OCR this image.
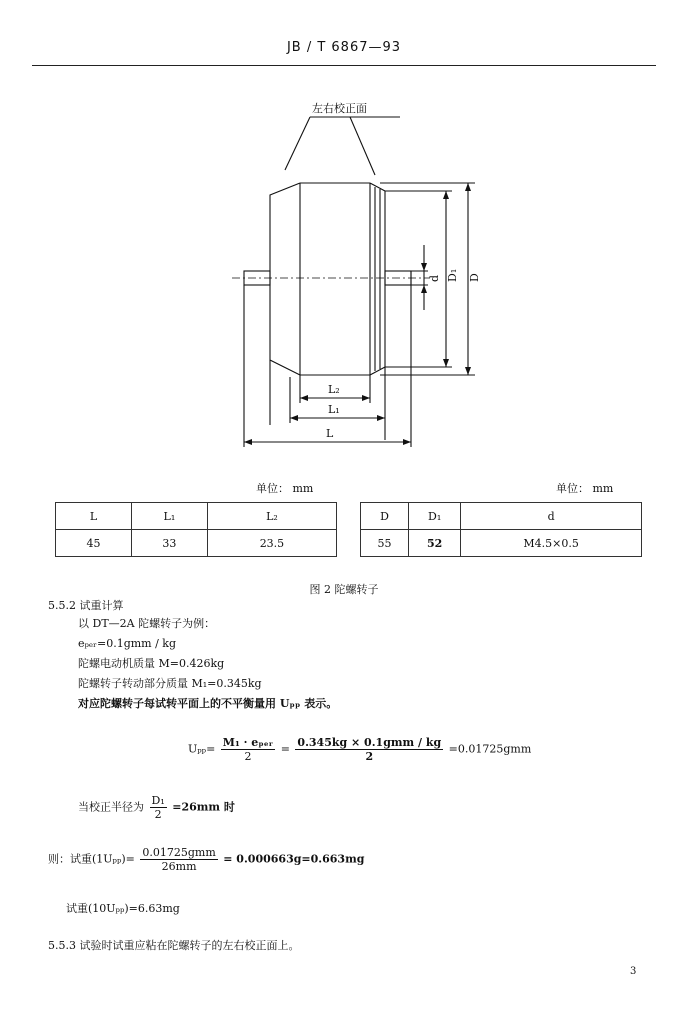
JB / T 6867—93
左右校正面
L₂
L₁
L
d D₁ D
单位： mm	单位： mm
L	L₁	L₂
45	33	23.5
D	D₁	d
55	52	M4.5×0.5
图 2 陀螺转子
5.5.2 试重计算
以 DT—2A 陀螺转子为例：
eₚₑᵣ=0.1gmm / kg
陀螺电动机质量 M=0.426kg
陀螺转子转动部分质量 M₁=0.345kg
对应陀螺转子每试转平面上的不平衡量用 Uₚₚ 表示。
$U_{pp}= \frac{\text{M₁ · eₚₑᵣ}}{2} = \frac{\text{0.345kg × 0.1gmm / kg}}{2} =0.01725gmm$
当校正半径为 $\frac{\text{D₁}}{2} =26mm$ 时
则：试重$(1U_{pp})= \frac{\text{0.01725gmm}}{26mm} = 0.000663g=0.663mg$
试重(10Uₚₚ)=6.63mg
5.5.3 试验时试重应粘在陀螺转子的左右校正面上。
3
